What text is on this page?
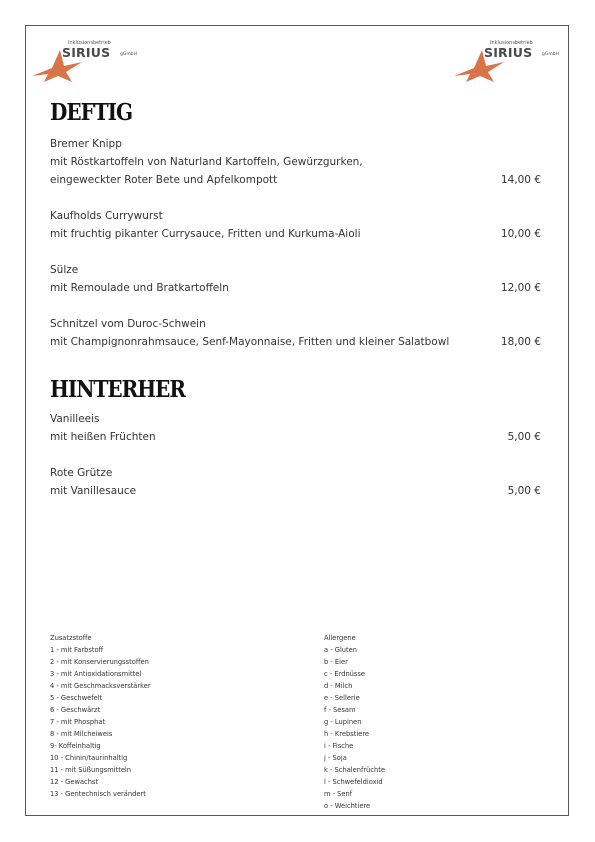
Inklusionsbetrieb
SIRIUS gGmbH
Inklusionsbetrieb
SIRIUS gGmbH
DEFTIG
Bremer Knipp
mit Röstkartoffeln von Naturland Kartoffeln, Gewürzgurken,
eingeweckter Roter Bete und Apfelkompott	14,00 €
Kaufholds Currywurst
mit fruchtig pikanter Currysauce, Fritten und Kurkuma-Aioli	10,00 €
Sülze
mit Remoulade und Bratkartoffeln	12,00 €
Schnitzel vom Duroc-Schwein
mit Champignonrahmsauce, Senf-Mayonnaise, Fritten und kleiner Salatbowl	18,00 €
HINTERHER
Vanilleeis
mit heißen Früchten	5,00 €
Rote Grütze
mit Vanillesauce	5,00 €
Zusatzstoffe
1 - mit Farbstoff
2 - mit Konservierungsstoffen
3 - mit Antioxidationsmittel
4 - mit Geschmacksverstärker
5 - Geschwefelt
6 - Geschwärzt
7 - mit Phosphat
8 - mit Milcheiweis
9- Koffeinhaltig
10 - Chinin/taurinhaltig
11 - mit Süßungsmitteln
12 - Gewachst
13 - Gentechnisch verändert
Allergene
a - Gluten
b - Eier
c - Erdnüsse
d - Milch
e - Sellerie
f - Sesam
g - Lupinen
h - Krebstiere
i - Fische
j - Soja
k - Schalenfrüchte
l - Schwefeldioxid
m - Senf
o - Weichtiere
